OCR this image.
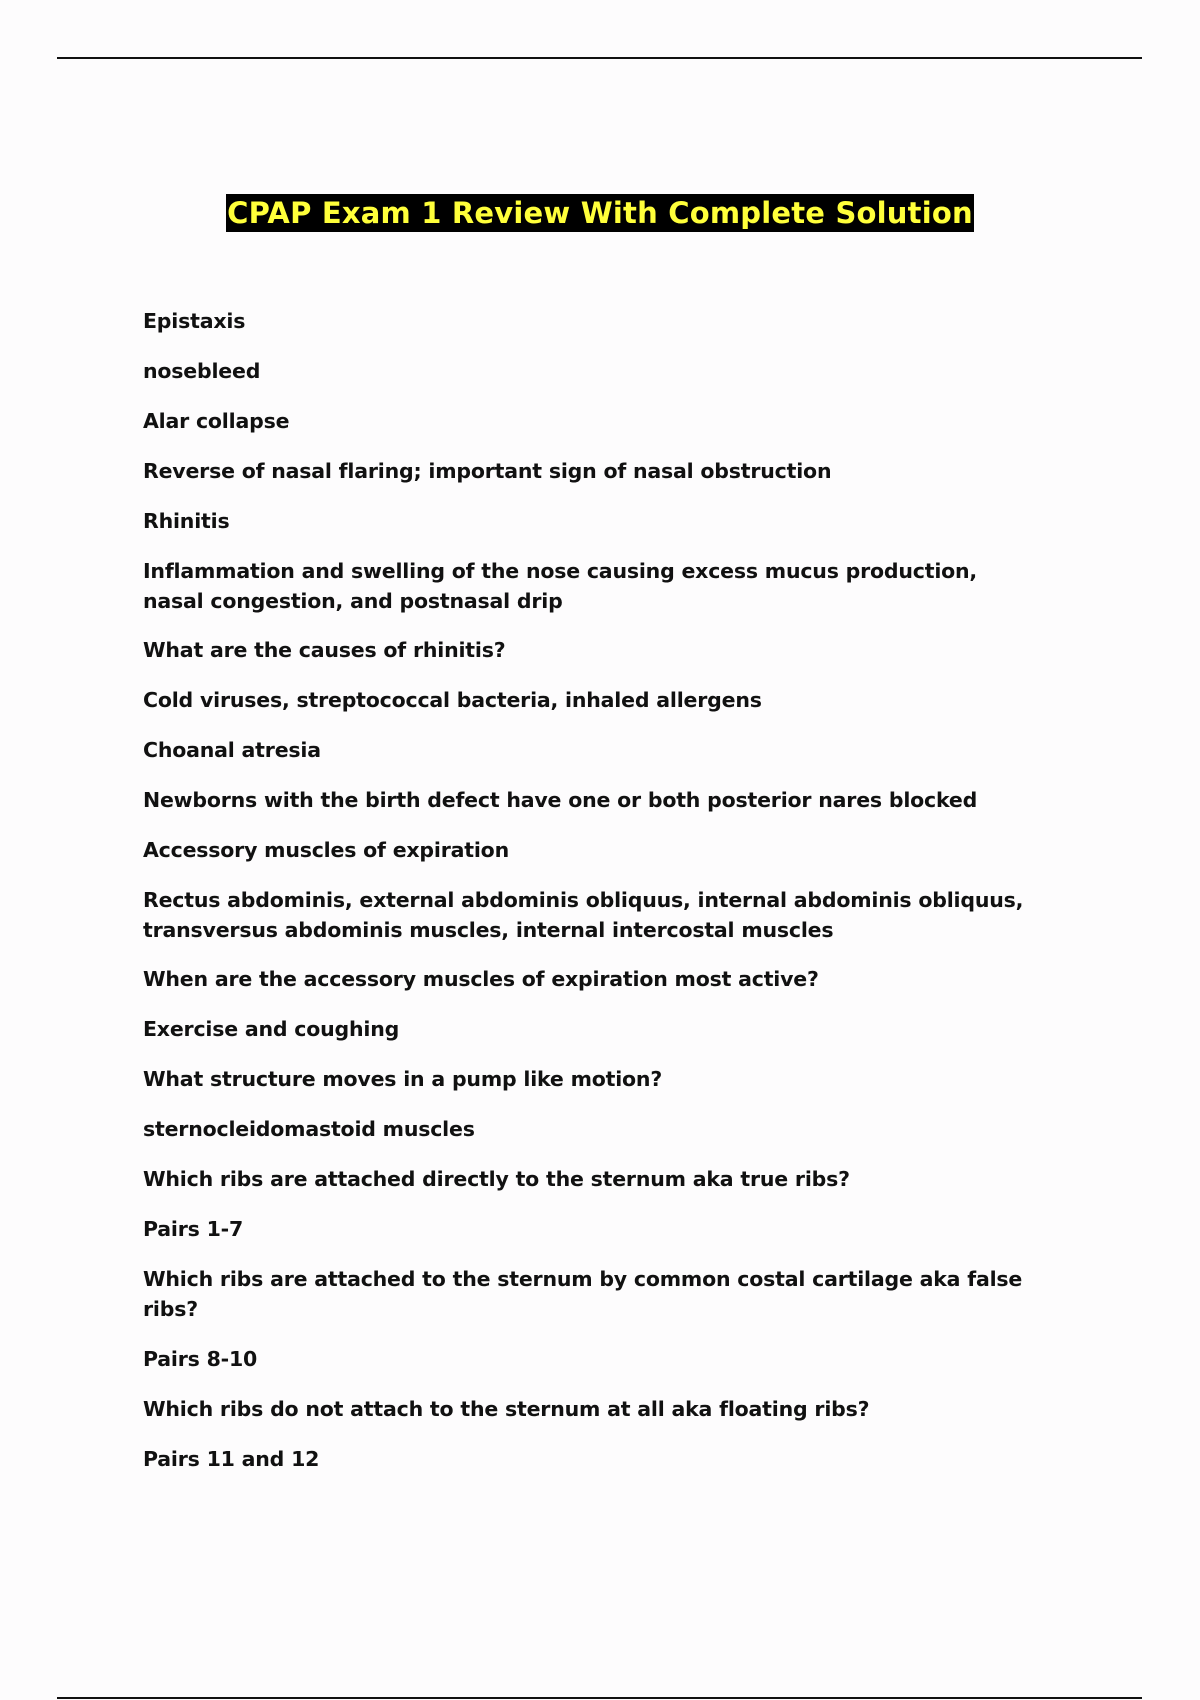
CPAP Exam 1 Review With Complete Solution
Epistaxis
nosebleed
Alar collapse
Reverse of nasal flaring; important sign of nasal obstruction
Rhinitis
Inflammation and swelling of the nose causing excess mucus production, nasal congestion, and postnasal drip
What are the causes of rhinitis?
Cold viruses, streptococcal bacteria, inhaled allergens
Choanal atresia
Newborns with the birth defect have one or both posterior nares blocked
Accessory muscles of expiration
Rectus abdominis, external abdominis obliquus, internal abdominis obliquus, transversus abdominis muscles, internal intercostal muscles
When are the accessory muscles of expiration most active?
Exercise and coughing
What structure moves in a pump like motion?
sternocleidomastoid muscles
Which ribs are attached directly to the sternum aka true ribs?
Pairs 1-7
Which ribs are attached to the sternum by common costal cartilage aka false ribs?
Pairs 8-10
Which ribs do not attach to the sternum at all aka floating ribs?
Pairs 11 and 12
